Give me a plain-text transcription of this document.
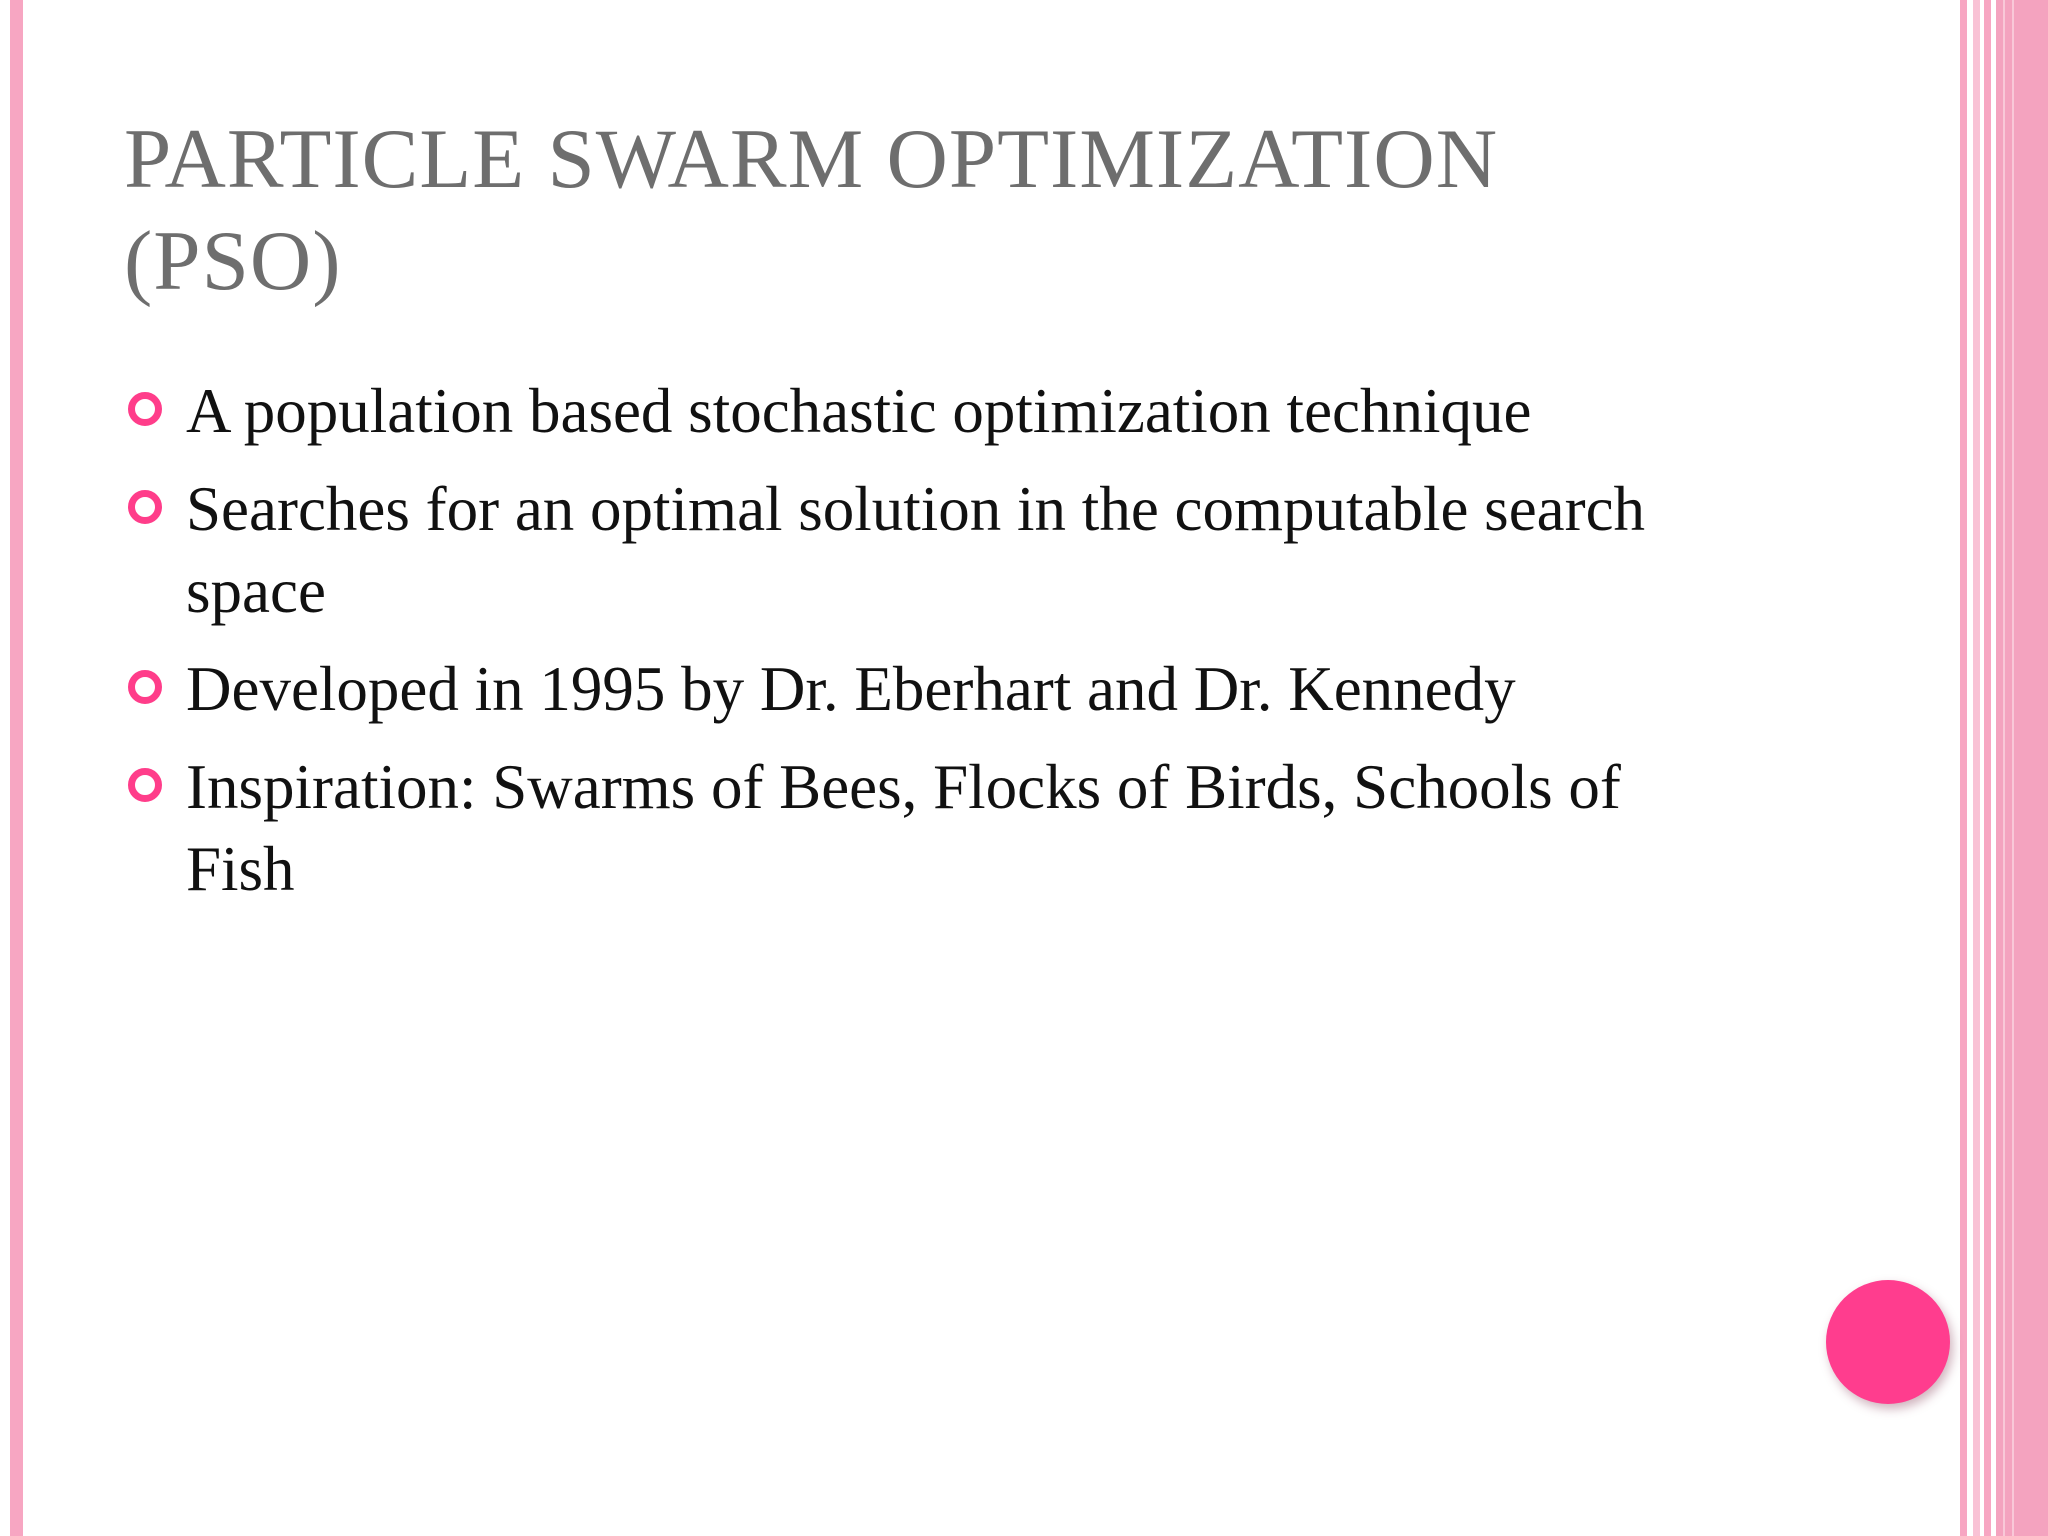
PARTICLE SWARM OPTIMIZATION
(PSO)
A population based stochastic optimization technique
Searches for an optimal solution in the computable search space
Developed in 1995 by Dr. Eberhart and Dr. Kennedy
Inspiration: Swarms of Bees, Flocks of Birds, Schools of Fish
